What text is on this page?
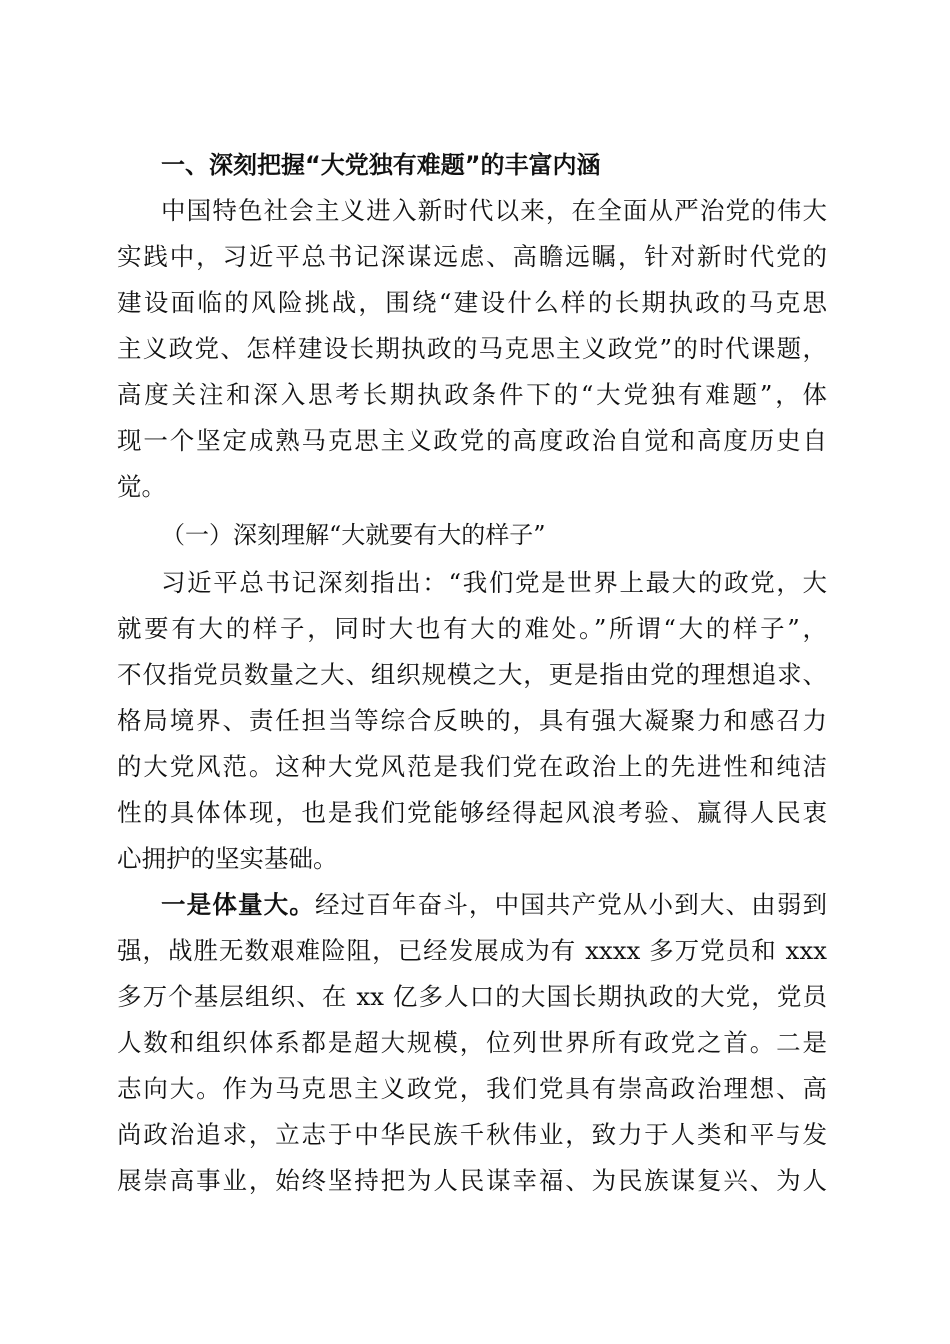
一、深刻把握“大党独有难题”的丰富内涵
中国特色社会主义进入新时代以来，在全面从严治党的伟大
实践中，习近平总书记深谋远虑、高瞻远瞩，针对新时代党的
建设面临的风险挑战，围绕“建设什么样的长期执政的马克思
主义政党、怎样建设长期执政的马克思主义政党”的时代课题，
高度关注和深入思考长期执政条件下的“大党独有难题”，体
现一个坚定成熟马克思主义政党的高度政治自觉和高度历史自
觉。
（一）深刻理解“大就要有大的样子”
习近平总书记深刻指出：“我们党是世界上最大的政党，大
就要有大的样子，同时大也有大的难处。”所谓“大的样子”，
不仅指党员数量之大、组织规模之大，更是指由党的理想追求、
格局境界、责任担当等综合反映的，具有强大凝聚力和感召力
的大党风范。这种大党风范是我们党在政治上的先进性和纯洁
性的具体体现，也是我们党能够经得起风浪考验、赢得人民衷
心拥护的坚实基础。
一是体量大。经过百年奋斗，中国共产党从小到大、由弱到
强，战胜无数艰难险阻，已经发展成为有 xxxx 多万党员和 xxx
多万个基层组织、在 xx 亿多人口的大国长期执政的大党，党员
人数和组织体系都是超大规模，位列世界所有政党之首。二是
志向大。作为马克思主义政党，我们党具有崇高政治理想、高
尚政治追求，立志于中华民族千秋伟业，致力于人类和平与发
展崇高事业，始终坚持把为人民谋幸福、为民族谋复兴、为人
